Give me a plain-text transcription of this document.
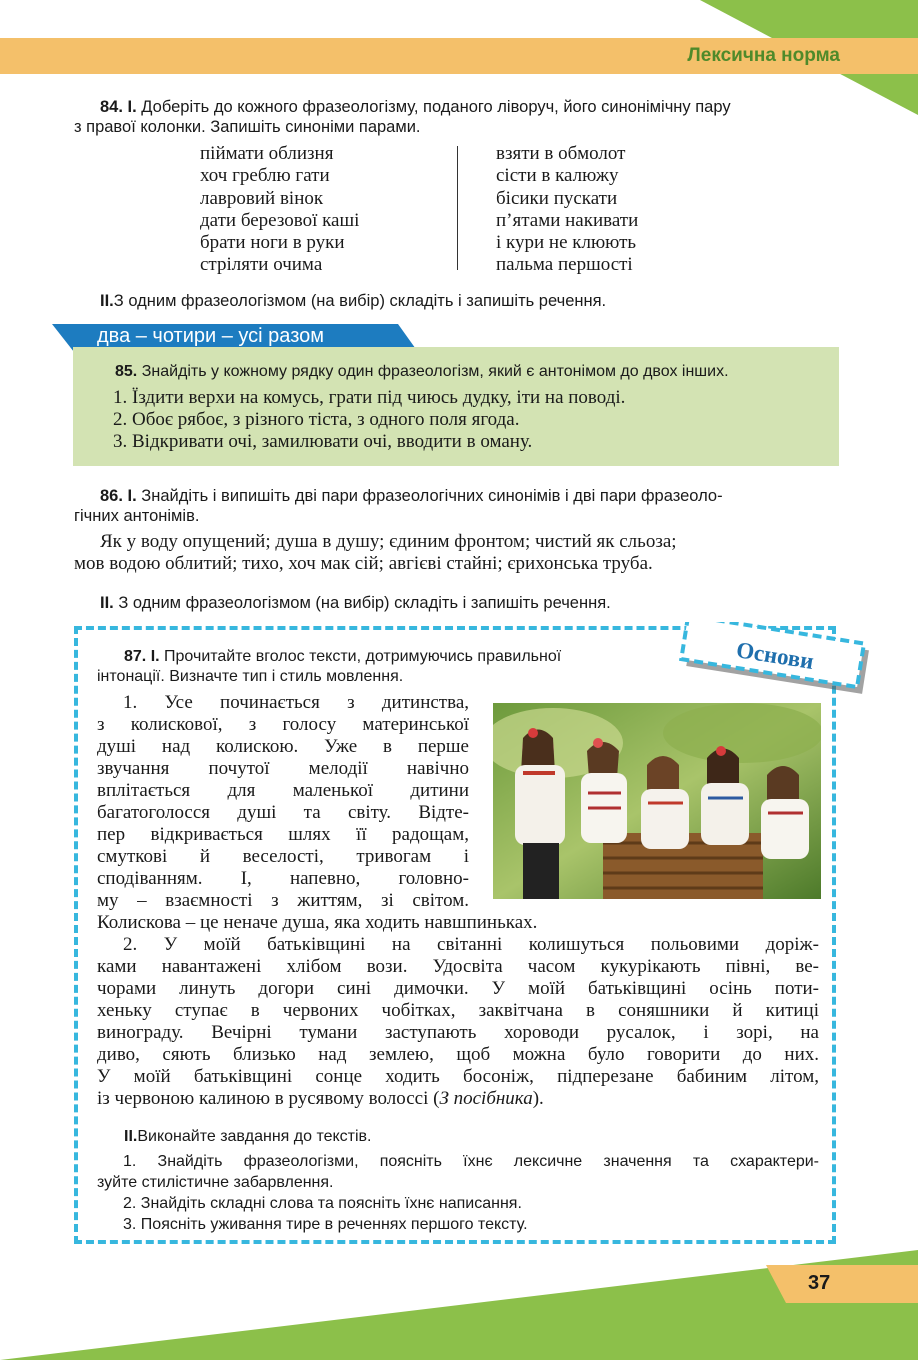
Лексична норма
84. І. Доберіть до кожного фразеологізму, поданого ліворуч, його синонімічну пару
з правої колонки. Запишіть синоніми парами.
піймати облизня
хоч греблю гати
лавровий вінок
дати березової каші
брати ноги в руки
стріляти очима
взяти в обмолот
сісти в калюжу
бісики пускати
п’ятами накивати
і кури не клюють
пальма першості
ІІ.З одним фразеологізмом (на вибір) складіть і запишіть речення.
два – чотири – усі разом
85. Знайдіть у кожному рядку один фразеологізм, який є антонімом до двох інших.
1. Їздити верхи на комусь, грати під чиюсь дудку, іти на поводі.
2. Обоє рябоє, з різного тіста, з одного поля ягода.
3. Відкривати очі, замилювати очі, вводити в оману.
86. І. Знайдіть і випишіть дві пари фразеологічних синонімів і дві пари фразеоло-
гічних антонімів.
Як у воду опущений; душа в душу; єдиним фронтом; чистий як сльоза;
мов водою облитий; тихо, хоч мак сій; авгієві стайні; єрихонська труба.
ІІ. З одним фразеологізмом (на вибір) складіть і запишіть речення.
Основи
87. І. Прочитайте вголос тексти, дотримуючись правильної
інтонації. Визначте тип і стиль мовлення.
1. Усе починається з дитинства,
з колискової, з голосу материнської
душі над колискою. Уже в перше
звучання почутої мелодії навічно
вплітається для маленької дитини
багатоголосся душі та світу. Відте-
пер відкривається шлях її радощам,
смуткові й веселості, тривогам і
сподіванням. І, напевно, головно-
му – взаємності з життям, зі світом.
Колискова – це неначе душа, яка ходить навшпиньках.
2. У моїй батьківщині на світанні колишуться польовими доріж-
ками навантажені хлібом вози. Удосвіта часом кукурікають півні, ве-
чорами линуть догори сині димочки. У моїй батьківщині осінь поти-
хеньку ступає в червоних чобітках, заквітчана в соняшники й китиці
винограду. Вечірні тумани заступають хороводи русалок, і зорі, на
диво, сяють близько над землею, щоб можна було говорити до них.
У моїй батьківщині сонце ходить босоніж, підперезане бабиним літом,
із червоною калиною в русявому волоссі (З посібника).
ІІ.Виконайте завдання до текстів.
1. Знайдіть фразеологізми, поясніть їхнє лексичне значення та схарактери-
зуйте стилістичне забарвлення.
2. Знайдіть складні слова та поясніть їхнє написання.
3. Поясніть уживання тире в реченнях першого тексту.
37
